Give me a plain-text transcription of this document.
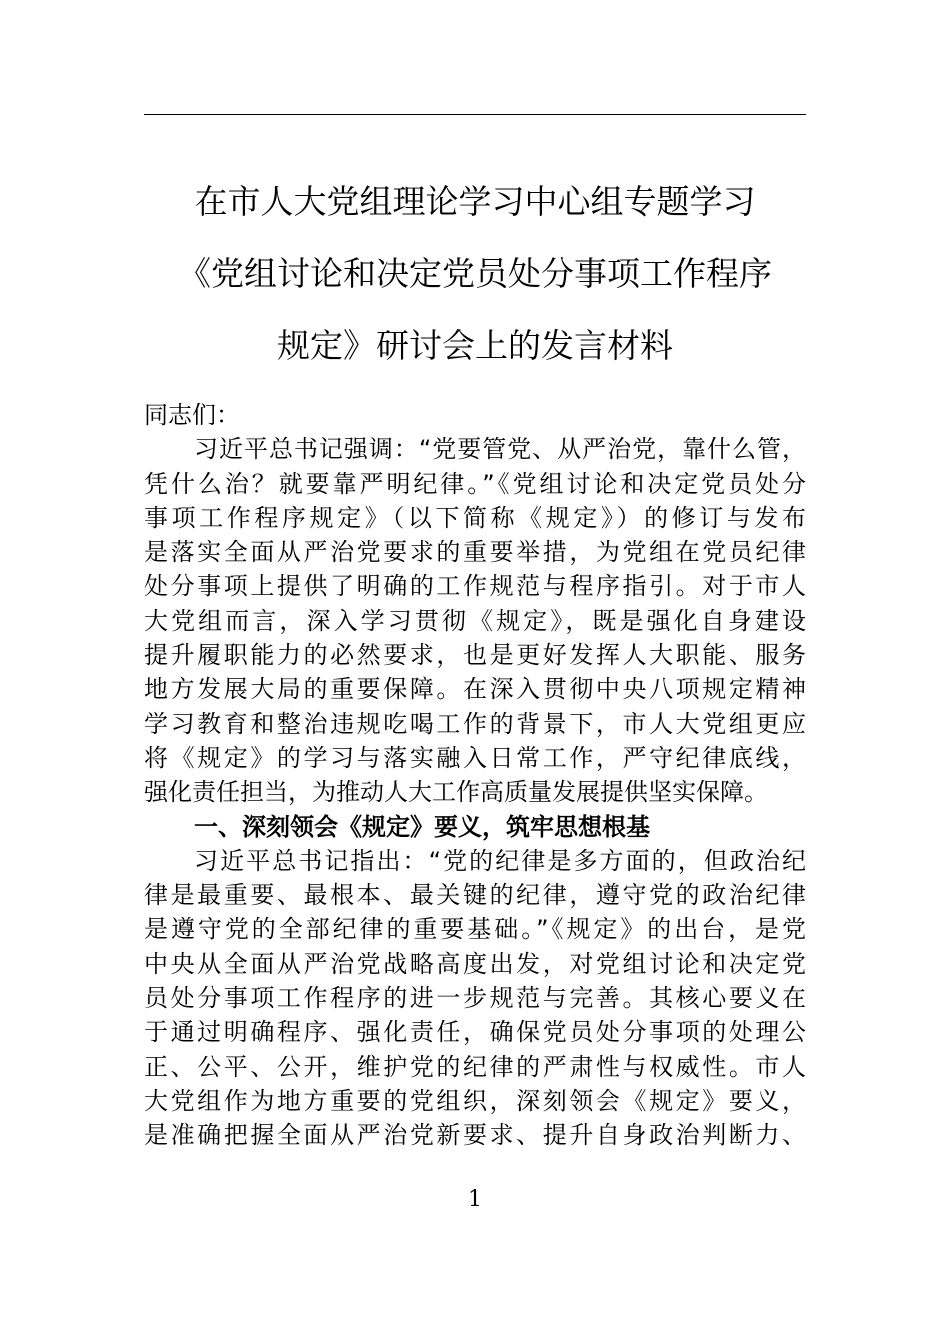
在市人大党组理论学习中心组专题学习
《党组讨论和决定党员处分事项工作程序
规定》研讨会上的发言材料
同志们：

习近平总书记强调：“党要管党、从严治党，靠什么管，
凭什么治？就要靠严明纪律。”《党组讨论和决定党员处分
事项工作程序规定》（以下简称《规定》）的修订与发布
是落实全面从严治党要求的重要举措，为党组在党员纪律
处分事项上提供了明确的工作规范与程序指引。对于市人
大党组而言，深入学习贯彻《规定》，既是强化自身建设
提升履职能力的必然要求，也是更好发挥人大职能、服务
地方发展大局的重要保障。在深入贯彻中央八项规定精神
学习教育和整治违规吃喝工作的背景下，市人大党组更应
将《规定》的学习与落实融入日常工作，严守纪律底线，
强化责任担当，为推动人大工作高质量发展提供坚实保障。

一、深刻领会《规定》要义，筑牢思想根基

习近平总书记指出：“党的纪律是多方面的，但政治纪
律是最重要、最根本、最关键的纪律，遵守党的政治纪律
是遵守党的全部纪律的重要基础。”《规定》的出台，是党
中央从全面从严治党战略高度出发，对党组讨论和决定党
员处分事项工作程序的进一步规范与完善。其核心要义在
于通过明确程序、强化责任，确保党员处分事项的处理公
正、公平、公开，维护党的纪律的严肃性与权威性。市人
大党组作为地方重要的党组织，深刻领会《规定》要义，
是准确把握全面从严治党新要求、提升自身政治判断力、

1
